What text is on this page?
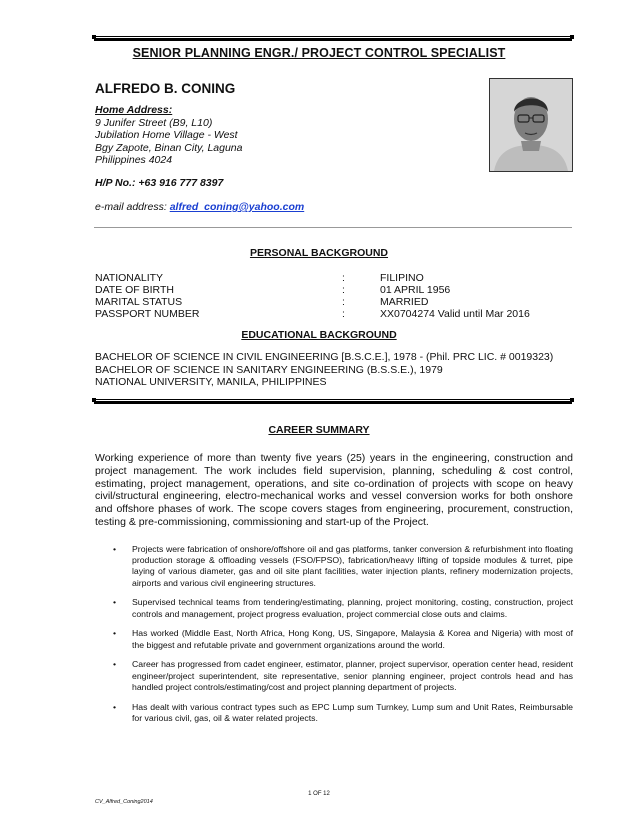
SENIOR PLANNING ENGR./ PROJECT CONTROL SPECIALIST
ALFREDO B. CONING
Home Address:
9 Junifer Street (B9, L10)
Jubilation Home Village - West
Bgy Zapote, Binan City, Laguna
Philippines 4024
H/P No.: +63 916 777 8397
e-mail address: alfred_coning@yahoo.com
PERSONAL BACKGROUND
NATIONALITY	:	FILIPINO
DATE OF BIRTH	:	01 APRIL 1956
MARITAL STATUS	:	MARRIED
PASSPORT NUMBER	:	XX0704274 Valid until Mar 2016
EDUCATIONAL BACKGROUND
BACHELOR OF SCIENCE IN CIVIL ENGINEERING [B.S.C.E.], 1978 - (Phil. PRC LIC. # 0019323)
BACHELOR OF SCIENCE IN SANITARY ENGINEERING (B.S.S.E.), 1979
NATIONAL UNIVERSITY, MANILA, PHILIPPINES
CAREER SUMMARY
Working experience of more than twenty five years (25) years in the engineering, construction and project management. The work includes field supervision, planning, scheduling & cost control, estimating, project management, operations, and site co-ordination of projects with scope on heavy civil/structural engineering, electro-mechanical works and vessel conversion works for both onshore and offshore phases of work. The scope covers stages from engineering, procurement, construction, testing & pre-commissioning, commissioning and start-up of the Project.
• Projects were fabrication of onshore/offshore oil and gas platforms, tanker conversion & refurbishment into floating production storage & offloading vessels (FSO/FPSO), fabrication/heavy lifting of topside modules & turret, pipe laying of various diameter, gas and oil site plant facilities, water injection plants, refinery modernization projects, airports and various civil engineering structures.
• Supervised technical teams from tendering/estimating, planning, project monitoring, costing, construction, project controls and management, project progress evaluation, project commercial close outs and claims.
• Has worked (Middle East, North Africa, Hong Kong, US, Singapore, Malaysia & Korea and Nigeria) with most of the biggest and refutable private and government organizations around the world.
• Career has progressed from cadet engineer, estimator, planner, project supervisor, operation center head, resident engineer/project superintendent, site representative, senior planning engineer, project controls head and has handled project controls/estimating/cost and project planning department of projects.
• Has dealt with various contract types such as EPC Lump sum Turnkey, Lump sum and Unit Rates, Reimbursable for various civil, gas, oil & water related projects.
1 OF 12
CV_Alfred_Coning2014
